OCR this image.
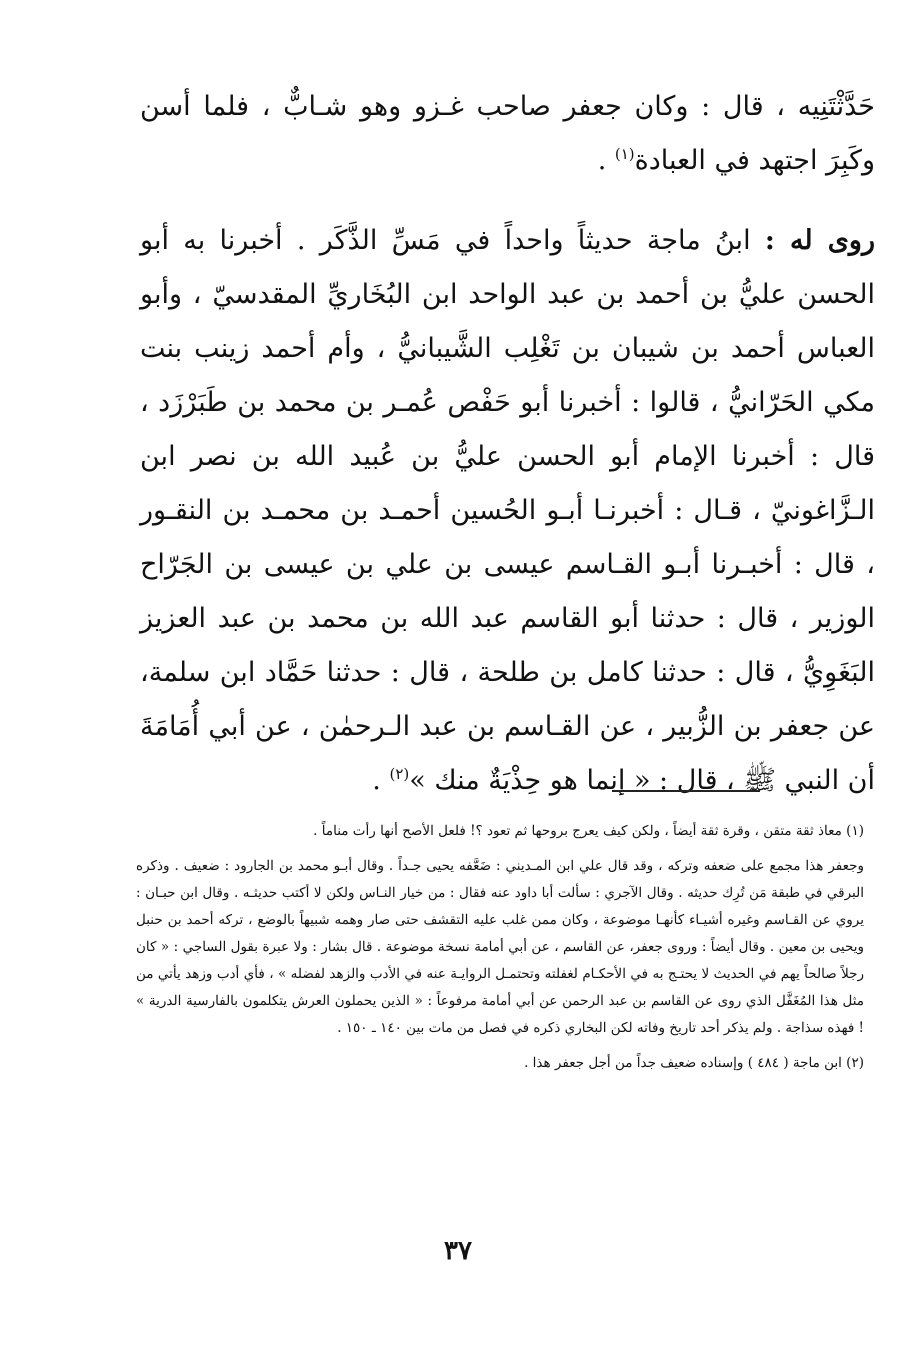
حَدَّثْتَنِيه ، قال : وكان جعفر صاحب غـزو وهو شـابٌّ ، فلما أسن وكَبِرَ اجتهد في العبادة$^{(١)}$ .

روى له : ابنُ ماجة حديثاً واحداً في مَسِّ الذَّكَر . أخبرنا به أبو الحسن عليُّ بن أحمد بن عبد الواحد ابن البُخَاريِّ المقدسيّ ، وأبو العباس أحمد بن شيبان بن تَغْلِب الشَّيبانيُّ ، وأم أحمد زينب بنت مكي الحَرّانيُّ ، قالوا : أخبرنا أبو حَفْص عُمـر بن محمد بن طَبَرْزَد ، قال : أخبرنا الإمام أبو الحسن عليُّ بن عُبيد الله بن نصر ابن الـزَّاغونيّ ، قـال : أخبرنـا أبـو الحُسين أحمـد بن محمـد بن النقـور ، قال : أخبـرنا أبـو القـاسم عيسى بن علي بن عيسى بن الجَرّاح الوزير ، قال : حدثنا أبو القاسم عبد الله بن محمد بن عبد العزيز البَغَوِيُّ ، قال : حدثنا كامل بن طلحة ، قال : حدثنا حَمَّاد ابن سلمة، عن جعفر بن الزُّبير ، عن القـاسم بن عبد الـرحمٰن ، عن أبي أُمَامَةَ أن النبي ﷺ ، قال : « إنما هو حِذْيَةٌ منك »$^{(٢)}$ .

(١) معاذ ثقة متقن ، وقرة ثقة أيضاً ، ولكن كيف يعرج بروحها ثم تعود ؟! فلعل الأصح أنها رأت مناماً .

وجعفر هذا مجمع على ضعفه وتركه ، وقد قال علي ابن المـديني : ضَعَّفه يحيى جـداً . وقال أبـو محمد بن الجارود : ضعيف . وذكره البرقي في طبقة مَن تُرِك حديثه . وقال الآجري : سألت أبا داود عنه فقال : من خيار النـاس ولكن لا أكتب حديثـه . وقال ابن حبـان : يروي عن القـاسم وغيره أشيـاء كأنهـا موضوعة ، وكان ممن غلب عليه التقشف حتى صار وهمه شبيهاً بالوضع ، تركه أحمد بن حنبل ويحيى بن معين . وقال أيضاً : وروى جعفر، عن القاسم ، عن أبي أمامة نسخة موضوعة . قال بشار : ولا عبرة بقول الساجي : « كان رجلاً صالحاً يهم في الحديث لا يحتـج به في الأحكـام لغفلته وتحتمـل الروايـة عنه في الأدب والزهد لفضله » ، فأي أدب وزهد يأتي من مثل هذا المُغَفَّل الذي روى عن القاسم بن عبد الرحمن عن أبي أمامة مرفوعاً : « الذين يحملون العرش يتكلمون بالفارسية الدرية » ! فهذه سذاجة . ولم يذكر أحد تاريخ وفاته لكن البخاري ذكره في فصل من مات بين ١٤٠ ـ ١٥٠ .

(٢) ابن ماجة ( ٤٨٤ ) وإسناده ضعيف جداً من أجل جعفر هذا .

٣٧
